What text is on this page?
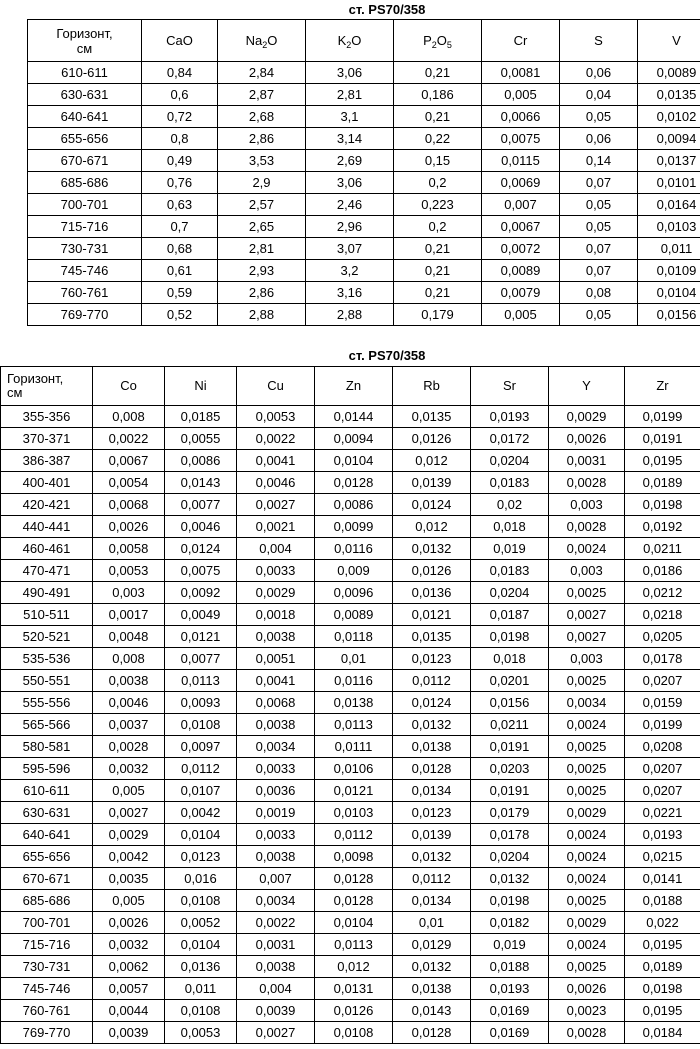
ст. PS70/358
Горизонт,
см	CaO	$Na_2O$	$K_2O$	$P_2O_5$	Cr	S	V
610-611	0,84	2,84	3,06	0,21	0,0081	0,06	0,0089
630-631	0,6	2,87	2,81	0,186	0,005	0,04	0,0135
640-641	0,72	2,68	3,1	0,21	0,0066	0,05	0,0102
655-656	0,8	2,86	3,14	0,22	0,0075	0,06	0,0094
670-671	0,49	3,53	2,69	0,15	0,0115	0,14	0,0137
685-686	0,76	2,9	3,06	0,2	0,0069	0,07	0,0101
700-701	0,63	2,57	2,46	0,223	0,007	0,05	0,0164
715-716	0,7	2,65	2,96	0,2	0,0067	0,05	0,0103
730-731	0,68	2,81	3,07	0,21	0,0072	0,07	0,011
745-746	0,61	2,93	3,2	0,21	0,0089	0,07	0,0109
760-761	0,59	2,86	3,16	0,21	0,0079	0,08	0,0104
769-770	0,52	2,88	2,88	0,179	0,005	0,05	0,0156
ст. PS70/358
Горизонт,
см	Co	Ni	Cu	Zn	Rb	Sr	Y	Zr
355-356	0,008	0,0185	0,0053	0,0144	0,0135	0,0193	0,0029	0,0199
370-371	0,0022	0,0055	0,0022	0,0094	0,0126	0,0172	0,0026	0,0191
386-387	0,0067	0,0086	0,0041	0,0104	0,012	0,0204	0,0031	0,0195
400-401	0,0054	0,0143	0,0046	0,0128	0,0139	0,0183	0,0028	0,0189
420-421	0,0068	0,0077	0,0027	0,0086	0,0124	0,02	0,003	0,0198
440-441	0,0026	0,0046	0,0021	0,0099	0,012	0,018	0,0028	0,0192
460-461	0,0058	0,0124	0,004	0,0116	0,0132	0,019	0,0024	0,0211
470-471	0,0053	0,0075	0,0033	0,009	0,0126	0,0183	0,003	0,0186
490-491	0,003	0,0092	0,0029	0,0096	0,0136	0,0204	0,0025	0,0212
510-511	0,0017	0,0049	0,0018	0,0089	0,0121	0,0187	0,0027	0,0218
520-521	0,0048	0,0121	0,0038	0,0118	0,0135	0,0198	0,0027	0,0205
535-536	0,008	0,0077	0,0051	0,01	0,0123	0,018	0,003	0,0178
550-551	0,0038	0,0113	0,0041	0,0116	0,0112	0,0201	0,0025	0,0207
555-556	0,0046	0,0093	0,0068	0,0138	0,0124	0,0156	0,0034	0,0159
565-566	0,0037	0,0108	0,0038	0,0113	0,0132	0,0211	0,0024	0,0199
580-581	0,0028	0,0097	0,0034	0,0111	0,0138	0,0191	0,0025	0,0208
595-596	0,0032	0,0112	0,0033	0,0106	0,0128	0,0203	0,0025	0,0207
610-611	0,005	0,0107	0,0036	0,0121	0,0134	0,0191	0,0025	0,0207
630-631	0,0027	0,0042	0,0019	0,0103	0,0123	0,0179	0,0029	0,0221
640-641	0,0029	0,0104	0,0033	0,0112	0,0139	0,0178	0,0024	0,0193
655-656	0,0042	0,0123	0,0038	0,0098	0,0132	0,0204	0,0024	0,0215
670-671	0,0035	0,016	0,007	0,0128	0,0112	0,0132	0,0024	0,0141
685-686	0,005	0,0108	0,0034	0,0128	0,0134	0,0198	0,0025	0,0188
700-701	0,0026	0,0052	0,0022	0,0104	0,01	0,0182	0,0029	0,022
715-716	0,0032	0,0104	0,0031	0,0113	0,0129	0,019	0,0024	0,0195
730-731	0,0062	0,0136	0,0038	0,012	0,0132	0,0188	0,0025	0,0189
745-746	0,0057	0,011	0,004	0,0131	0,0138	0,0193	0,0026	0,0198
760-761	0,0044	0,0108	0,0039	0,0126	0,0143	0,0169	0,0023	0,0195
769-770	0,0039	0,0053	0,0027	0,0108	0,0128	0,0169	0,0028	0,0184
